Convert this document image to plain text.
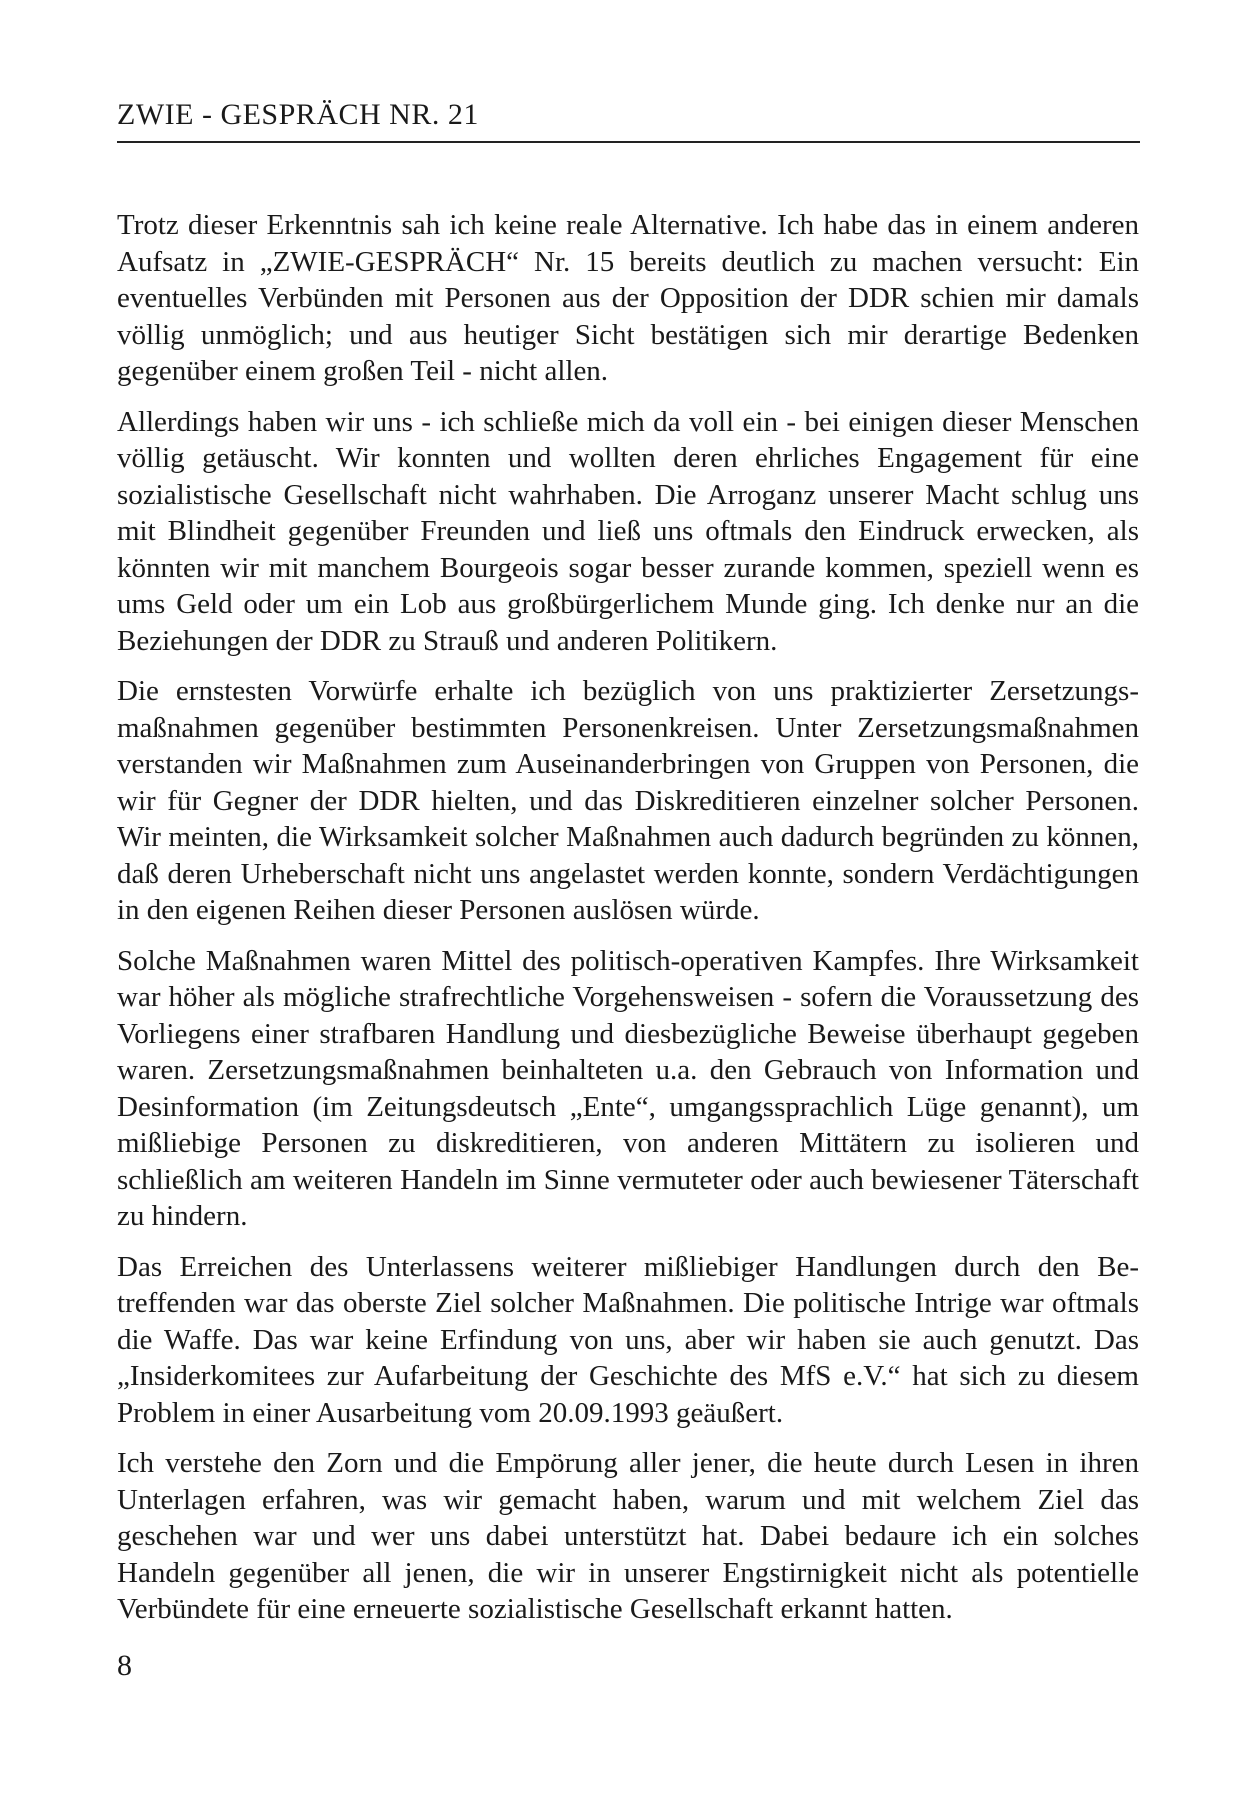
ZWIE - GESPRÄCH NR. 21

Trotz dieser Erkenntnis sah ich keine reale Alternative. Ich habe das in einem anderen Aufsatz in „ZWIE-GESPRÄCH“ Nr. 15 bereits deutlich zu machen versucht: Ein eventuelles Verbünden mit Personen aus der Opposition der DDR schien mir damals völlig unmöglich; und aus heutiger Sicht bestätigen sich mir derartige Bedenken gegenüber einem großen Teil - nicht allen.

Allerdings haben wir uns - ich schließe mich da voll ein - bei einigen dieser Menschen völlig getäuscht. Wir konnten und wollten deren ehrliches Engagement für eine sozialistische Gesellschaft nicht wahrhaben. Die Arroganz unserer Macht schlug uns mit Blindheit gegenüber Freunden und ließ uns oftmals den Eindruck erwecken, als könnten wir mit manchem Bourgeois sogar besser zurande kommen, speziell wenn es ums Geld oder um ein Lob aus großbürgerlichem Munde ging. Ich denke nur an die Beziehungen der DDR zu Strauß und anderen Politikern.

Die ernstesten Vorwürfe erhalte ich bezüglich von uns praktizierter Zersetzungsmaßnahmen gegenüber bestimmten Personenkreisen. Unter Zersetzungsmaßnahmen verstanden wir Maßnahmen zum Auseinanderbringen von Gruppen von Personen, die wir für Gegner der DDR hielten, und das Diskreditieren einzelner solcher Personen. Wir meinten, die Wirksamkeit solcher Maßnahmen auch dadurch begründen zu können, daß deren Urheberschaft nicht uns angelastet werden konnte, sondern Verdächtigungen in den eigenen Reihen dieser Personen auslösen würde.

Solche Maßnahmen waren Mittel des politisch-operativen Kampfes. Ihre Wirksamkeit war höher als mögliche strafrechtliche Vorgehensweisen - sofern die Voraussetzung des Vorliegens einer strafbaren Handlung und diesbezügliche Beweise überhaupt gegeben waren. Zersetzungsmaßnahmen beinhalteten u.a. den Gebrauch von Information und Desinformation (im Zeitungsdeutsch „Ente“, umgangssprachlich Lüge genannt), um mißliebige Personen zu diskreditieren, von anderen Mittätern zu isolieren und schließlich am weiteren Handeln im Sinne vermuteter oder auch bewiesener Täterschaft zu hindern.

Das Erreichen des Unterlassens weiterer mißliebiger Handlungen durch den Betreffenden war das oberste Ziel solcher Maßnahmen. Die politische Intrige war oftmals die Waffe. Das war keine Erfindung von uns, aber wir haben sie auch genutzt. Das „Insiderkomitees zur Aufarbeitung der Geschichte des MfS e.V.“ hat sich zu diesem Problem in einer Ausarbeitung vom 20.09.1993 geäußert.

Ich verstehe den Zorn und die Empörung aller jener, die heute durch Lesen in ihren Unterlagen erfahren, was wir gemacht haben, warum und mit welchem Ziel das geschehen war und wer uns dabei unterstützt hat. Dabei bedaure ich ein solches Handeln gegenüber all jenen, die wir in unserer Engstirnigkeit nicht als potentielle Verbündete für eine erneuerte sozialistische Gesellschaft erkannt hatten.

8
